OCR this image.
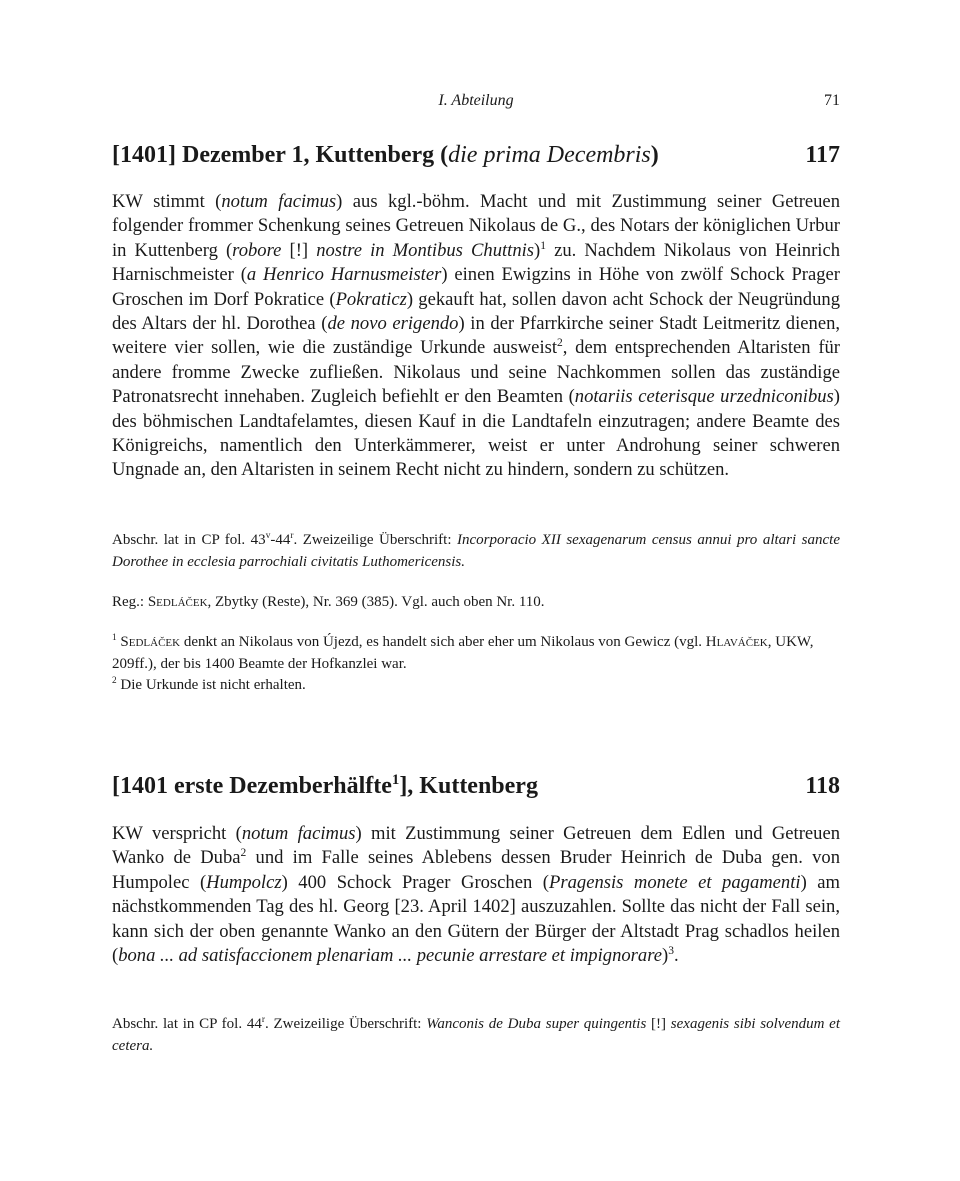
I. Abteilung	71
[1401] Dezember 1, Kuttenberg (die prima Decembris)	117
KW stimmt (notum facimus) aus kgl.-böhm. Macht und mit Zustimmung seiner Getreuen folgender frommer Schenkung seines Getreuen Nikolaus de G., des Notars der königlichen Urbur in Kuttenberg (robore [!] nostre in Montibus Chuttnis)$^1$ zu. Nachdem Nikolaus von Heinrich Harnischmeister (a Henrico Harnusmeister) einen Ewigzins in Höhe von zwölf Schock Prager Groschen im Dorf Pokratice (Pokraticz) gekauft hat, sollen davon acht Schock der Neugründung des Altars der hl. Dorothea (de novo erigendo) in der Pfarrkirche seiner Stadt Leitmeritz dienen, weitere vier sollen, wie die zuständige Urkunde ausweist$^2$, dem entsprechenden Altaristen für andere fromme Zwecke zufließen. Nikolaus und seine Nachkommen sollen das zuständige Patronatsrecht innehaben. Zugleich befiehlt er den Beamten (notariis ceterisque urzedniconibus) des böhmischen Landtafelamtes, diesen Kauf in die Landtafeln einzutragen; andere Beamte des Königreichs, namentlich den Unterkämmerer, weist er unter Androhung seiner schweren Ungnade an, den Altaristen in seinem Recht nicht zu hindern, sondern zu schützen.
Abschr. lat in CP fol. 43$^v$-44$^r$. Zweizeilige Überschrift: Incorporacio XII sexagenarum census annui pro altari sancte Dorothee in ecclesia parrochiali civitatis Luthomericensis.
Reg.: Sedláček, Zbytky (Reste), Nr. 369 (385). Vgl. auch oben Nr. 110.

$^1$ Sedláček denkt an Nikolaus von Újezd, es handelt sich aber eher um Nikolaus von Gewicz (vgl. Hlaváček, UKW, 209ff.), der bis 1400 Beamte der Hofkanzlei war.

$^2$ Die Urkunde ist nicht erhalten.

[1401 erste Dezemberhälfte$^1$], Kuttenberg	118
KW verspricht (notum facimus) mit Zustimmung seiner Getreuen dem Edlen und Getreuen Wanko de Duba$^2$ und im Falle seines Ablebens dessen Bruder Heinrich de Duba gen. von Humpolec (Humpolcz) 400 Schock Prager Groschen (Pragensis monete et pagamenti) am nächstkommenden Tag des hl. Georg [23. April 1402] auszuzahlen. Sollte das nicht der Fall sein, kann sich der oben genannte Wanko an den Gütern der Bürger der Altstadt Prag schadlos heilen (bona ... ad satisfaccionem plenariam ... pecunie arrestare et impignorare)$^3$.
Abschr. lat in CP fol. 44$^r$. Zweizeilige Überschrift: Wanconis de Duba super quingentis [!] sexagenis sibi solvendum et cetera.
